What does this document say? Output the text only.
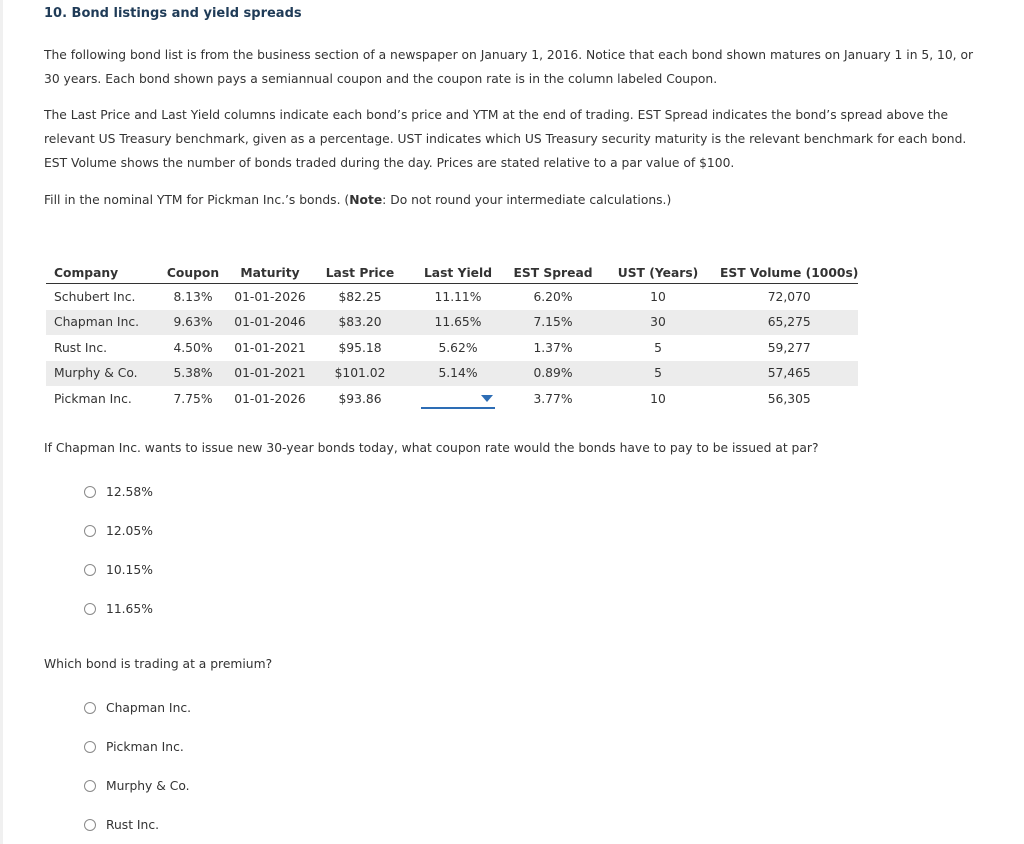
10. Bond listings and yield spreads
The following bond list is from the business section of a newspaper on January 1, 2016. Notice that each bond shown matures on January 1 in 5, 10, or 30 years. Each bond shown pays a semiannual coupon and the coupon rate is in the column labeled Coupon.
The Last Price and Last Yield columns indicate each bond’s price and YTM at the end of trading. EST Spread indicates the bond’s spread above the relevant US Treasury benchmark, given as a percentage. UST indicates which US Treasury security maturity is the relevant benchmark for each bond. EST Volume shows the number of bonds traded during the day. Prices are stated relative to a par value of $100.
Fill in the nominal YTM for Pickman Inc.’s bonds. (Note: Do not round your intermediate calculations.)
Company	Coupon	Maturity	Last Price	Last Yield	EST Spread	UST (Years)	EST Volume (1000s)
Schubert Inc.	8.13%	01-01-2026	$82.25	11.11%	6.20%	10	72,070
Chapman Inc.	9.63%	01-01-2046	$83.20	11.65%	7.15%	30	65,275
Rust Inc.	4.50%	01-01-2021	$95.18	5.62%	1.37%	5	59,277
Murphy & Co.	5.38%	01-01-2021	$101.02	5.14%	0.89%	5	57,465
Pickman Inc.	7.75%	01-01-2026	$93.86		3.77%	10	56,305
If Chapman Inc. wants to issue new 30-year bonds today, what coupon rate would the bonds have to pay to be issued at par?
12.58%
12.05%
10.15%
11.65%
Which bond is trading at a premium?
Chapman Inc.
Pickman Inc.
Murphy & Co.
Rust Inc.
